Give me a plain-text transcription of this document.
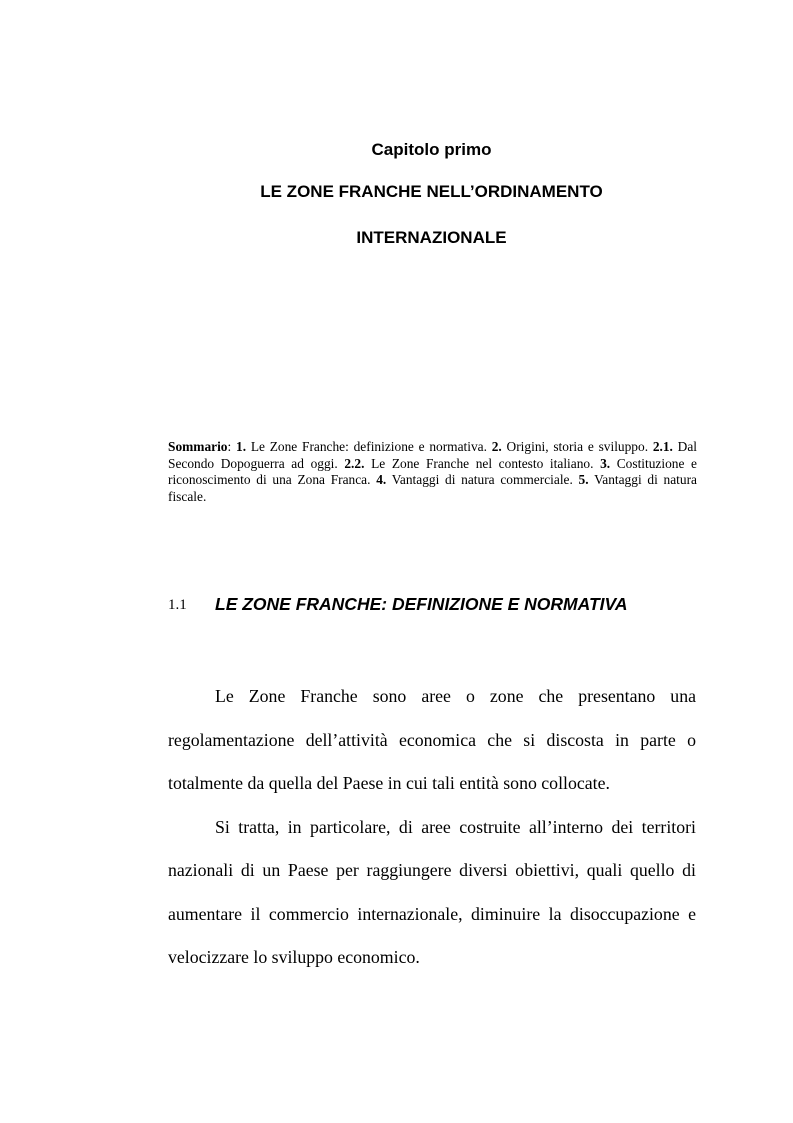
Capitolo primo
LE ZONE FRANCHE NELL’ORDINAMENTO
INTERNAZIONALE
Sommario: 1. Le Zone Franche: definizione e normativa. 2. Origini, storia e sviluppo. 2.1. Dal Secondo Dopoguerra ad oggi. 2.2. Le Zone Franche nel contesto italiano. 3. Costituzione e riconoscimento di una Zona Franca. 4. Vantaggi di natura commerciale. 5. Vantaggi di natura fiscale.
1.1 LE ZONE FRANCHE: DEFINIZIONE E NORMATIVA

Le Zone Franche sono aree o zone che presentano una regolamentazione dell’attività economica che si discosta in parte o totalmente da quella del Paese in cui tali entità sono collocate.

Si tratta, in particolare, di aree costruite all’interno dei territori nazionali di un Paese per raggiungere diversi obiettivi, quali quello di aumentare il commercio internazionale, diminuire la disoccupazione e velocizzare lo sviluppo economico.
